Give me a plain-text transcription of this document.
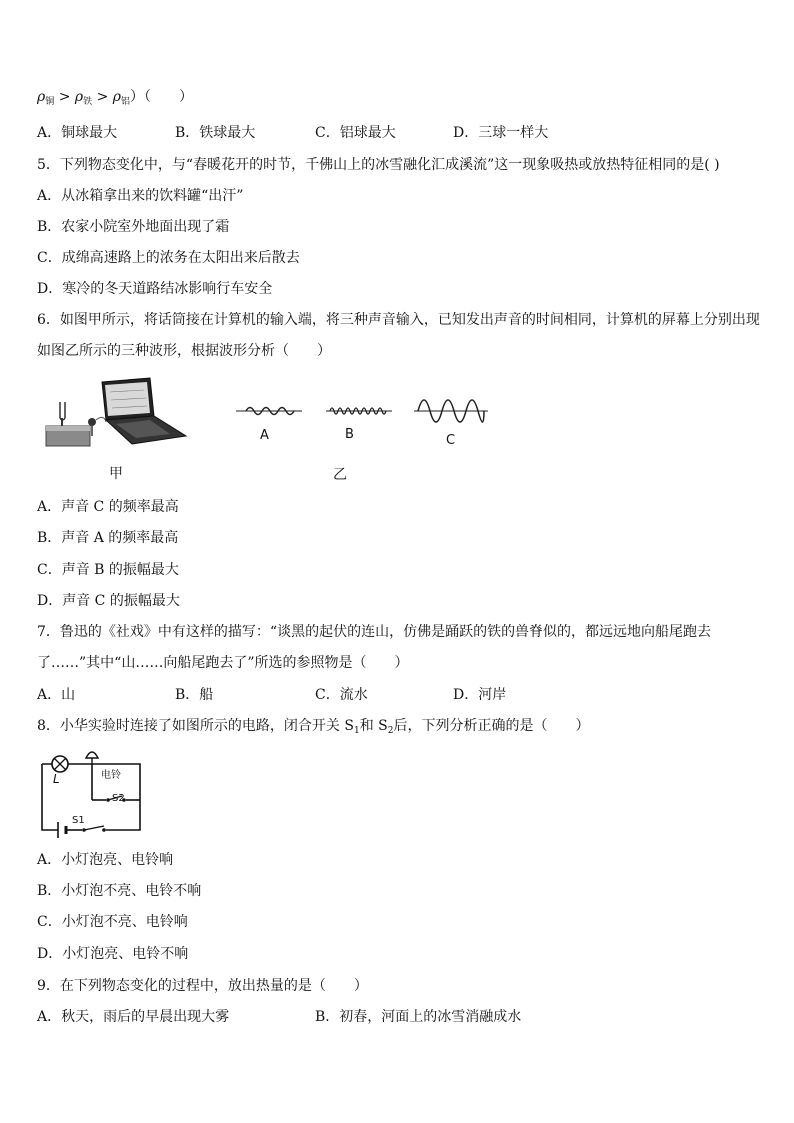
$\rho_铜 > \rho_铁 > \rho_铝$）（　　）
A．铜球最大	B．铁球最大	C．铝球最大	D．三球一样大
5．下列物态变化中，与“春暖花开的时节，千佛山上的冰雪融化汇成溪流”这一现象吸热或放热特征相同的是( )
A．从冰箱拿出来的饮料罐“出汗”
B．农家小院室外地面出现了霜
C．成绵高速路上的浓务在太阳出来后散去
D．寒冷的冬天道路结冰影响行车安全
6．如图甲所示，将话筒接在计算机的输入端，将三种声音输入，已知发出声音的时间相同，计算机的屏幕上分别出现
如图乙所示的三种波形，根据波形分析（　　）
甲
A	B	C
乙
A．声音 C 的频率最高
B．声音 A 的频率最高
C．声音 B 的振幅最大
D．声音 C 的振幅最大
7．鲁迅的《社戏》中有这样的描写：“谈黑的起伏的连山，仿佛是踊跃的铁的兽脊似的，都远远地向船尾跑去
了……”其中“山……向船尾跑去了”所选的参照物是（　　）
A．山	B．船	C．流水	D．河岸
8．小华实验时连接了如图所示的电路，闭合开关 $S_1$和 $S_2$后，下列分析正确的是（　　）
L	电铃
S2
S1
A．小灯泡亮、电铃响
B．小灯泡不亮、电铃不响
C．小灯泡不亮、电铃响
D．小灯泡亮、电铃不响
9．在下列物态变化的过程中，放出热量的是（　　）
A．秋天，雨后的早晨出现大雾	B．初春，河面上的冰雪消融成水
